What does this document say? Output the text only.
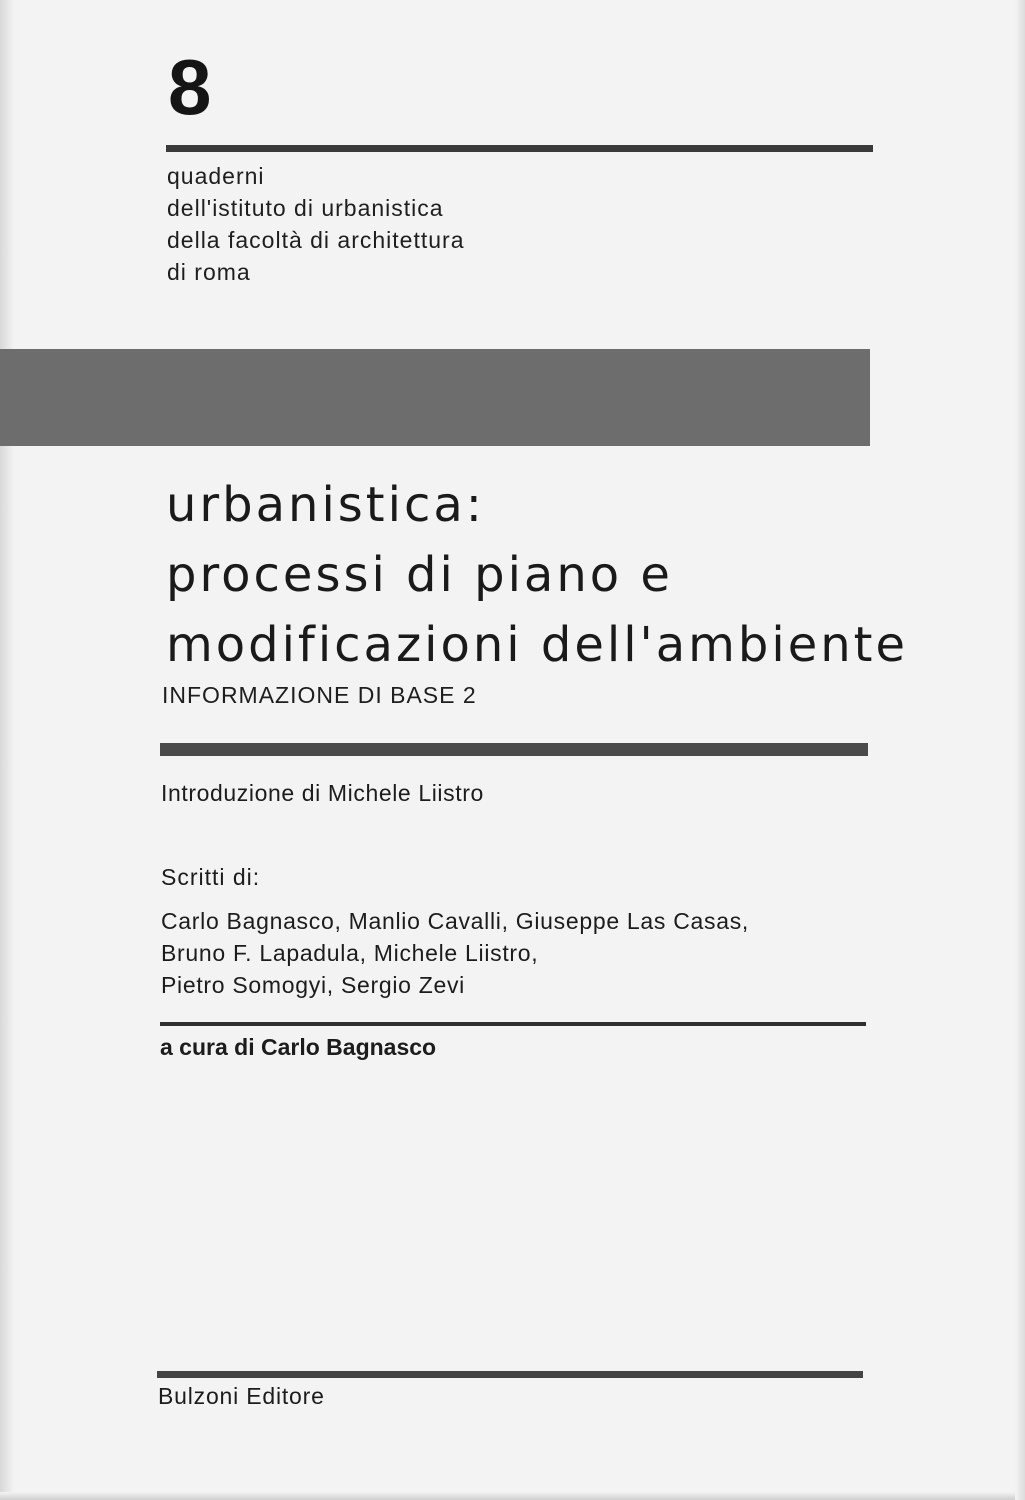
8
quaderni
dell'istituto di urbanistica
della facoltà di architettura
di roma
urbanistica:
processi di piano e
modificazioni dell'ambiente
INFORMAZIONE DI BASE 2
Introduzione di Michele Liistro
Scritti di:
Carlo Bagnasco, Manlio Cavalli, Giuseppe Las Casas,
Bruno F. Lapadula, Michele Liistro,
Pietro Somogyi, Sergio Zevi
a cura di Carlo Bagnasco
Bulzoni Editore
